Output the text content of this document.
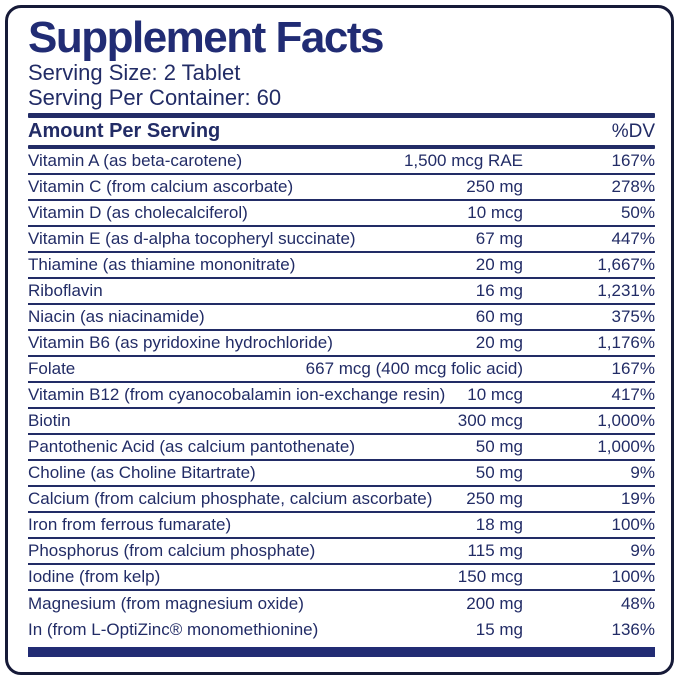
Supplement Facts
Serving Size: 2 Tablet
Serving Per Container: 60
Amount Per Serving	%DV
Vitamin A (as beta-carotene)	1,500 mcg RAE	167%
Vitamin C (from calcium ascorbate)	250 mg	278%
Vitamin D (as cholecalciferol)	10 mcg	50%
Vitamin E (as d-alpha tocopheryl succinate)	67 mg	447%
Thiamine (as thiamine mononitrate)	20 mg	1,667%
Riboflavin	16 mg	1,231%
Niacin (as niacinamide)	60 mg	375%
Vitamin B6 (as pyridoxine hydrochloride)	20 mg	1,176%
Folate	667 mcg (400 mcg folic acid)	167%
Vitamin B12 (from cyanocobalamin ion-exchange resin)	10 mcg	417%
Biotin	300 mcg	1,000%
Pantothenic Acid (as calcium pantothenate)	50 mg	1,000%
Choline (as Choline Bitartrate)	50 mg	9%
Calcium (from calcium phosphate, calcium ascorbate)	250 mg	19%
Iron from ferrous fumarate)	18 mg	100%
Phosphorus (from calcium phosphate)	115 mg	9%
Iodine (from kelp)	150 mcg	100%
Magnesium (from magnesium oxide)	200 mg	48%
In (from L-OptiZinc® monomethionine)	15 mg	136%
